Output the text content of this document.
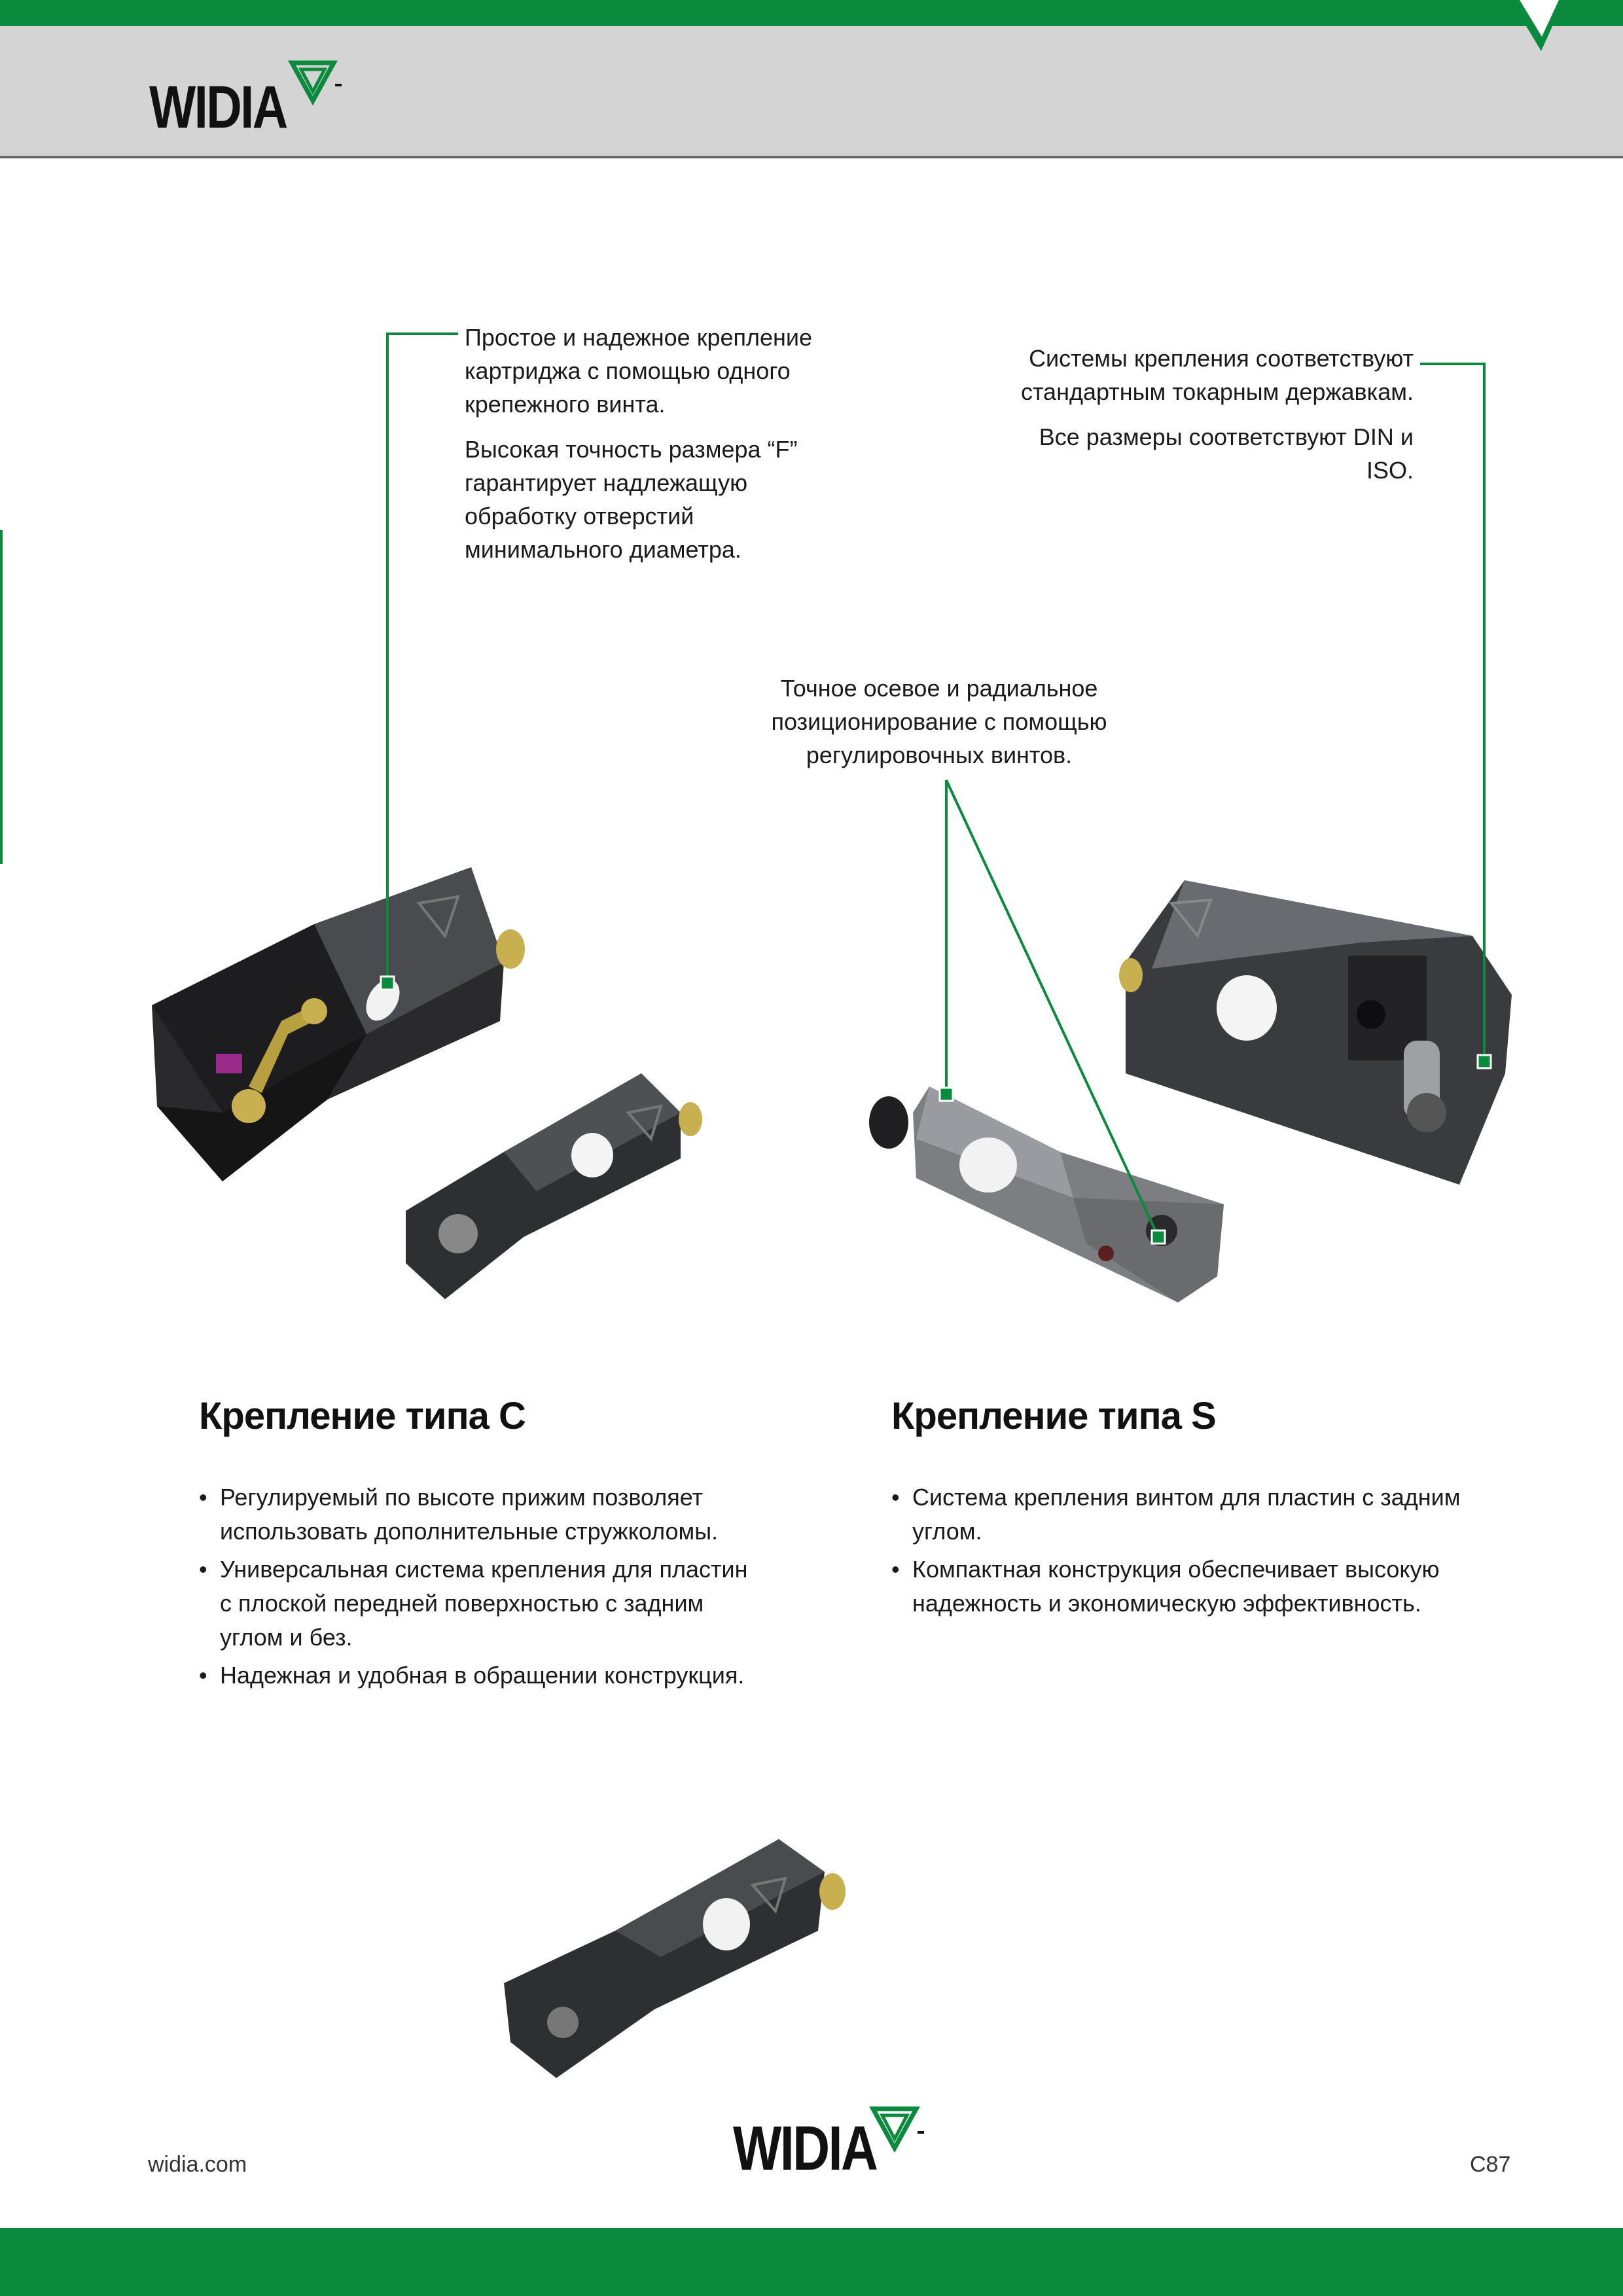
WIDIA

Простое и надежное крепление картриджа с помощью одного крепежного винта.

Высокая точность размера “F” гарантирует надлежащую обработку отверстий минимального диаметра.

Системы крепления соответствуют стандартным токарным державкам.

Все размеры соответствуют DIN и ISO.

Точное осевое и радиальное позиционирование с помощью регулировочных винтов.

Крепление типа C
• Регулируемый по высоте прижим позволяет использовать дополнительные стружколомы.
• Универсальная система крепления для пластин с плоской передней поверхностью с задним углом и без.
• Надежная и удобная в обращении конструкция.
Крепление типа S
• Система крепления винтом для пластин с задним углом.
• Компактная конструкция обеспечивает высокую надежность и экономическую эффективность.
widia.com	WIDIA	C87
